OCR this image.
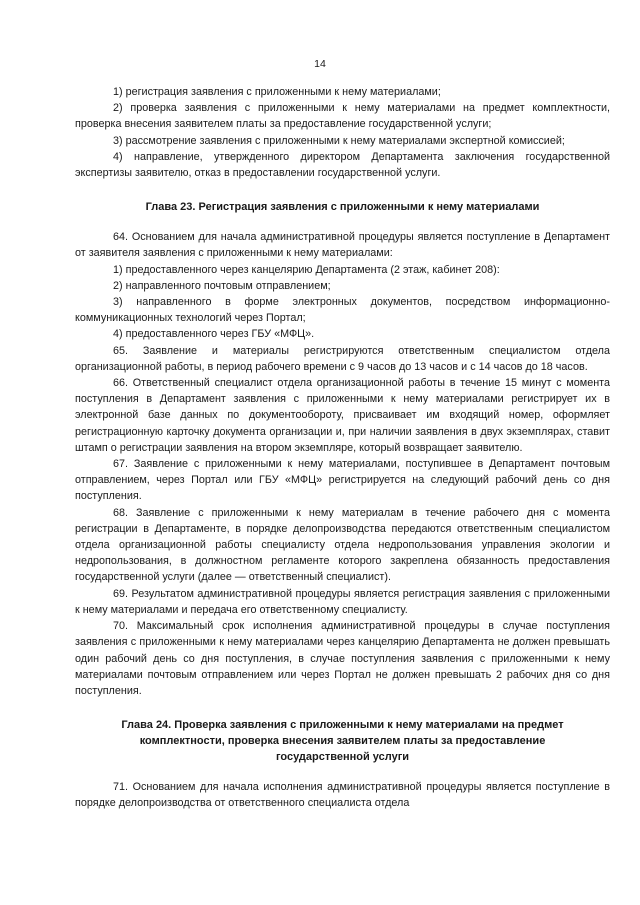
14

1) регистрация заявления с приложенными к нему материалами;

2) проверка заявления с приложенными к нему материалами на предмет комплектности, проверка внесения заявителем платы за предоставление государственной услуги;

3) рассмотрение заявления с приложенными к нему материалами экспертной комиссией;

4) направление, утвержденного директором Департамента заключения государственной экспертизы заявителю, отказ в предоставлении государственной услуги.

Глава 23. Регистрация заявления с приложенными к нему материалами

64. Основанием для начала административной процедуры является поступление в Департамент от заявителя заявления с приложенными к нему материалами:

1) предоставленного через канцелярию Департамента (2 этаж, кабинет 208):

2) направленного почтовым отправлением;

3) направленного в форме электронных документов, посредством информационно-коммуникационных технологий через Портал;

4) предоставленного через ГБУ «МФЦ».

65. Заявление и материалы регистрируются ответственным специалистом отдела организационной работы, в период рабочего времени с 9 часов до 13 часов и с 14 часов до 18 часов.

66. Ответственный специалист отдела организационной работы в течение 15 минут с момента поступления в Департамент заявления с приложенными к нему материалами регистрирует их в электронной базе данных по документообороту, присваивает им входящий номер, оформляет регистрационную карточку документа организации и, при наличии заявления в двух экземплярах, ставит штамп о регистрации заявления на втором экземпляре, который возвращает заявителю.

67. Заявление с приложенными к нему материалами, поступившее в Департамент почтовым отправлением, через Портал или ГБУ «МФЦ» регистрируется на следующий рабочий день со дня поступления.

68. Заявление с приложенными к нему материалам в течение рабочего дня с момента регистрации в Департаменте, в порядке делопроизводства передаются ответственным специалистом отдела организационной работы специалисту отдела недропользования управления экологии и недропользования, в должностном регламенте которого закреплена обязанность предоставления государственной услуги (далее — ответственный специалист).

69. Результатом административной процедуры является регистрация заявления с приложенными к нему материалами и передача его ответственному специалисту.

70. Максимальный срок исполнения административной процедуры в случае поступления заявления с приложенными к нему материалами через канцелярию Департамента не должен превышать один рабочий день со дня поступления, в случае поступления заявления с приложенными к нему материалами почтовым отправлением или через Портал не должен превышать 2 рабочих дня со дня поступления.

Глава 24. Проверка заявления с приложенными к нему материалами на предмет
комплектности, проверка внесения заявителем платы за предоставление
государственной услуги

71. Основанием для начала исполнения административной процедуры является поступление в порядке делопроизводства от ответственного специалиста отдела
